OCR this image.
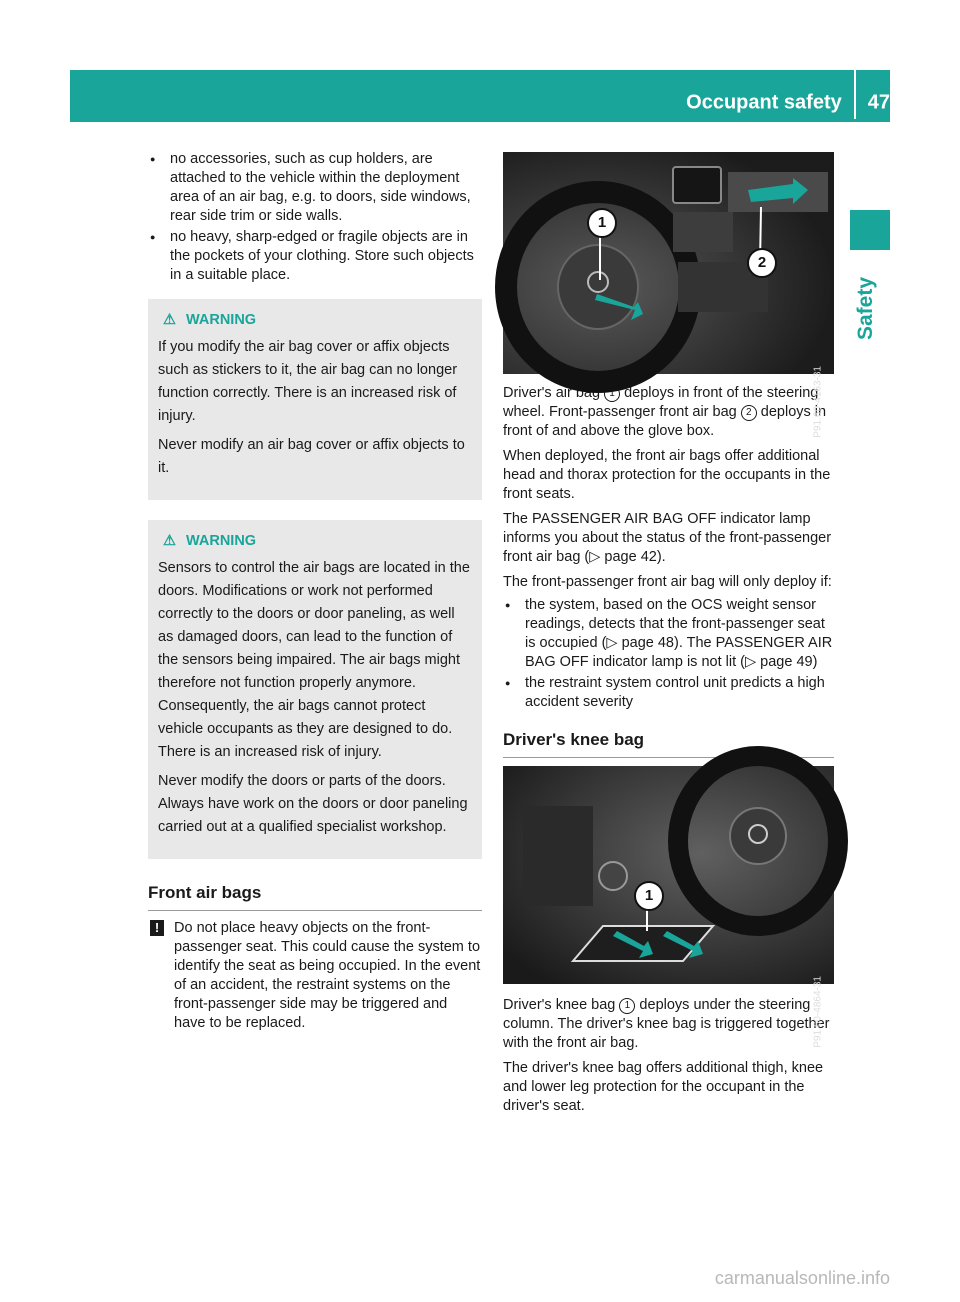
Occupant safety 47
Safety
● no accessories, such as cup holders, are attached to the vehicle within the deployment area of an air bag, e.g. to doors, side windows, rear side trim or side walls.
● no heavy, sharp-edged or fragile objects are in the pockets of your clothing. Store such objects in a suitable place.
⚠ WARNING

If you modify the air bag cover or affix objects such as stickers to it, the air bag can no longer function correctly. There is an increased risk of injury.

Never modify an air bag cover or affix objects to it.

⚠ WARNING

Sensors to control the air bags are located in the doors. Modifications or work not performed correctly to the doors or door paneling, as well as damaged doors, can lead to the function of the sensors being impaired. The air bags might therefore not function properly anymore. Consequently, the air bags cannot protect vehicle occupants as they are designed to do. There is an increased risk of injury.

Never modify the doors or parts of the doors. Always have work on the doors or door paneling carried out at a qualified specialist workshop.

Front air bags
!	Do not place heavy objects on the front-passenger seat. This could cause the system to identify the seat as being occupied. In the event of an accident, the restraint systems on the front-passenger side may be triggered and have to be replaced.
1
2
P91.60-4163-31

Driver's air bag 1 deploys in front of the steering wheel. Front-passenger front air bag 2 deploys in front of and above the glove box.

When deployed, the front air bags offer additional head and thorax protection for the occupants in the front seats.

The PASSENGER AIR BAG OFF indicator lamp informs you about the status of the front-passenger front air bag (▷ page 42).

The front-passenger front air bag will only deploy if:

● the system, based on the OCS weight sensor readings, detects that the front-passenger seat is occupied (▷ page 48). The PASSENGER AIR BAG OFF indicator lamp is not lit (▷ page 49)
● the restraint system control unit predicts a high accident severity
Driver's knee bag
1
P91.60-4864-31

Driver's knee bag 1 deploys under the steering column. The driver's knee bag is triggered together with the front air bag.

The driver's knee bag offers additional thigh, knee and lower leg protection for the occupant in the driver's seat.

carmanualsonline.info
